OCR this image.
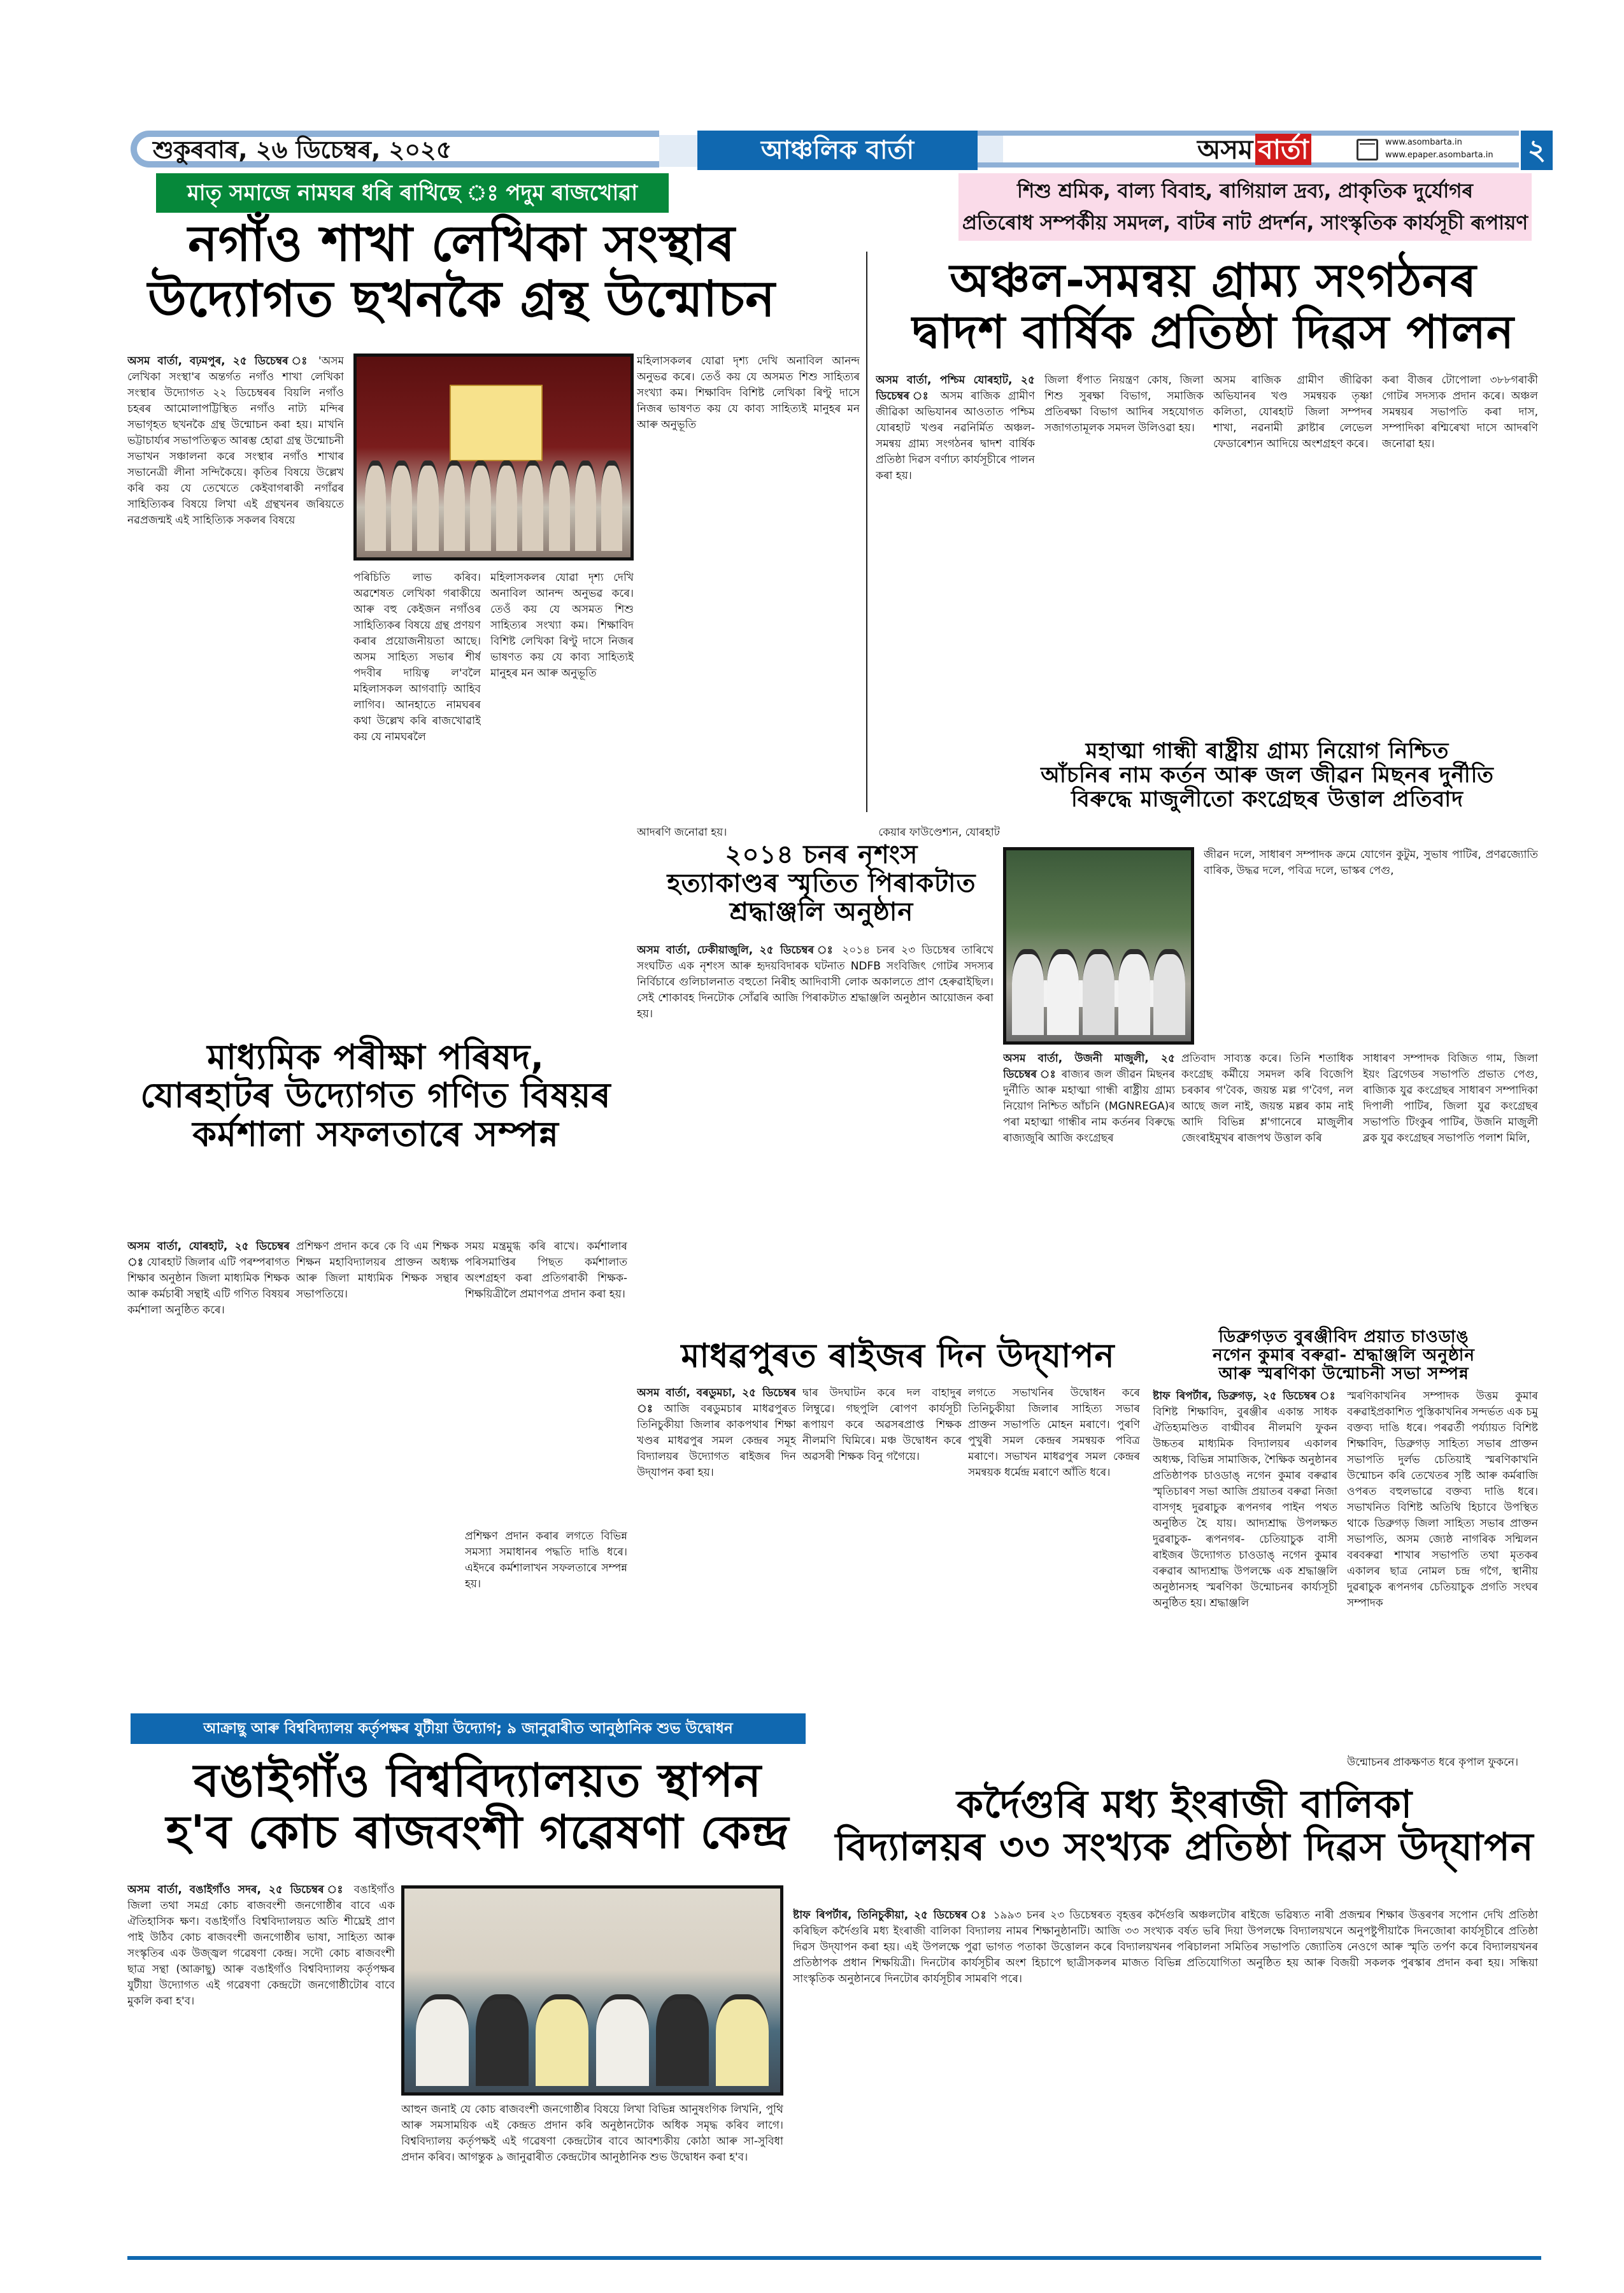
শুকুৰবাৰ, ২৬ ডিচেম্বৰ, ২০২৫	আঞ্চলিক বাৰ্তা	অসম বাৰ্তা	www.asombarta.in
www.epaper.asombarta.in ২
মাতৃ সমাজে নামঘৰ ধৰি ৰাখিছে ঃ পদুম ৰাজখোৱা	শিশু শ্ৰমিক, বাল্য বিবাহ, ৰাগিয়াল দ্ৰব্য, প্ৰাকৃতিক দুৰ্যোগৰ
প্ৰতিৰোধ সম্পৰ্কীয় সমদল, বাটৰ নাট প্ৰদৰ্শন, সাংস্কৃতিক কাৰ্যসূচী ৰূপায়ণ
নগাঁও শাখা লেখিকা সংস্থাৰ
উদ্যোগত ছখনকৈ গ্ৰন্থ উন্মোচন
অসম বাৰ্তা, বঢ়মপুৰ, ২৫ ডিচেম্বৰ ঃ 'অসম লেখিকা সংস্থা'ৰ অন্তৰ্গত নগাঁও শাখা লেখিকা সংস্থাৰ উদ্যোগত ২২ ডিচেম্বৰৰ বিয়লি নগাঁও চহৰৰ আমোলাপট্টিস্থিত নগাঁও নাট্য মন্দিৰ সভাগৃহত ছখনকৈ গ্ৰন্থ উন্মোচন কৰা হয়। মাখনি ভট্টাচাৰ্য্যৰ সভাপতিত্বত আৰম্ভ হোৱা গ্ৰন্থ উন্মোচনী সভাখন সঞ্চালনা কৰে সংস্থাৰ নগাঁও শাখাৰ সভানেত্ৰী লীনা সন্দিকৈয়ে। কৃতিৰ বিষয়ে উল্লেখ কৰি কয় যে তেখেতে কেইবাগৰাকী নগাঁৱৰ সাহিত্যিকৰ বিষয়ে লিখা এই গ্ৰন্থখনৰ জৰিয়তে নৱপ্ৰজন্মই এই সাহিত্যিক সকলৰ বিষয়ে
পৰিচিতি লাভ কৰিব। অৱশেষত লেখিকা গৰাকীয়ে আৰু বহু কেইজন নগাঁওৰ সাহিত্যিকৰ বিষয়ে গ্ৰন্থ প্ৰণয়ণ কৰাৰ প্ৰয়োজনীয়তা আছে। অসম সাহিত্য সভাৰ শীৰ্ষ পদবীৰ দায়িত্ব ল'বলৈ মহিলাসকল আগবাঢ়ি আহিব লাগিব। আনহাতে নামঘৰৰ কথা উল্লেখ কৰি ৰাজখোৱাই কয় যে নামঘৰলৈ
মহিলাসকলৰ যোৱা দৃশ্য দেখি অনাবিল আনন্দ অনুভৱ কৰে। তেওঁ কয় যে অসমত শিশু সাহিত্যৰ সংখ্যা কম। শিক্ষাবিদ বিশিষ্ট লেখিকা ৰিণ্টু দাসে নিজৰ ভাষণত কয় যে কাব্য সাহিত্যই মানুহৰ মন আৰু অনুভূতি
অঞ্চল-সমন্বয় গ্ৰাম্য সংগঠনৰ
দ্বাদশ বাৰ্ষিক প্ৰতিষ্ঠা দিৱস পালন
অসম বাৰ্তা, পশ্চিম যোৰহাট, ২৫ ডিচেম্বৰ ঃ অসম ৰাজিক গ্ৰামীণ জীৱিকা অভিযানৰ আওতাত পশ্চিম যোৰহাট খণ্ডৰ নৱনিৰ্মিত অঞ্চল-সমন্বয় গ্ৰাম্য সংগঠনৰ দ্বাদশ বাৰ্ষিক প্ৰতিষ্ঠা দিৱস বৰ্ণাঢ্য কাৰ্যসূচীৰে পালন কৰা হয়।
জিলা ধঁপাত নিয়ন্ত্ৰণ কোষ, জিলা শিশু সুৰক্ষা বিভাগ, সমাজিক প্ৰতিৰক্ষা বিভাগ আদিৰ সহযোগত সজাগতামূলক সমদল উলিওৱা হয়।
অসম ৰাজিক গ্ৰামীণ জীৱিকা অভিযানৰ খণ্ড সমন্বয়ক তৃষ্ণা কলিতা, যোৰহাট জিলা সম্পদৰ শাখা, নৱনামী ক্লাষ্টাৰ লেভেল ফেডাৰেশ্যন আদিয়ে অংশগ্ৰহণ কৰে।
কৰা বীজৰ টোপোলা ৩৮৮গৰাকী গোটৰ সদস্যক প্ৰদান কৰে। অঞ্চল সমন্বয়ৰ সভাপতি কৰা দাস, সম্পাদিকা ৰশ্মিৰেখা দাসে আদৰণি জনোৱা হয়।
মহিলাসকলৰ যোৱা দৃশ্য দেখি অনাবিল আনন্দ অনুভৱ কৰে। তেওঁ কয় যে অসমত শিশু সাহিত্যৰ সংখ্যা কম। শিক্ষাবিদ বিশিষ্ট লেখিকা ৰিণ্টু দাসে নিজৰ ভাষণত কয় যে কাব্য সাহিত্যই মানুহৰ মন আৰু অনুভূতি
আদৰণি জনোৱা হয়।	কেয়াৰ ফাউণ্ডেশ্যন, যোৰহাট
২০১৪ চনৰ নৃশংস
হত্যাকাণ্ডৰ স্মৃতিত পিৰাকটাত
শ্ৰদ্ধাঞ্জলি অনুষ্ঠান
অসম বাৰ্তা, ঢেকীয়াজুলি, ২৫ ডিচেম্বৰ ঃ ২০১৪ চনৰ ২৩ ডিচেম্বৰ তাৰিখে সংঘটিত এক নৃশংস আৰু হৃদয়বিদাৰক ঘটনাত NDFB সংবিজিৎ গোটৰ সদস্যৰ নিৰ্বিচাৰে গুলিচালনাত বহুতো নিৰীহ আদিবাসী লোক অকালতে প্ৰাণ হেৰুৱাইছিল। সেই শোকাবহ দিনটোক সোঁৱৰি আজি পিৰাকটাত শ্ৰদ্ধাঞ্জলি অনুষ্ঠান আয়োজন কৰা হয়।
মহাত্মা গান্ধী ৰাষ্ট্ৰীয় গ্ৰাম্য নিয়োগ নিশ্চিত
আঁচনিৰ নাম কৰ্তন আৰু জল জীৱন মিছনৰ দুৰ্নীতি
বিৰুদ্ধে মাজুলীতো কংগ্ৰেছৰ উত্তাল প্ৰতিবাদ
জীৱন দলে, সাধাৰণ সম্পাদক ক্ৰমে যোগেন কুটুম, সুভাষ পাটিৰ, প্ৰণৱজ্যোতি বাৰিক, উদ্ধৱ দলে, পবিত্ৰ দলে, ভাস্কৰ পেগু,
অসম বাৰ্তা, উজনী মাজুলী, ২৫ ডিচেম্বৰ ঃ ৰাজ্যৰ জল জীৱন মিছনৰ দুৰ্নীতি আৰু মহাত্মা গান্ধী ৰাষ্ট্ৰীয় গ্ৰাম্য নিয়োগ নিশ্চিত আঁচনি (MGNREGA)ৰ পৰা মহাত্মা গান্ধীৰ নাম কৰ্তনৰ বিৰুদ্ধে ৰাজ্যজুৰি আজি কংগ্ৰেছৰ
প্ৰতিবাদ সাব্যস্ত কৰে। তিনি শতাধিক কংগ্ৰেছ কৰ্মীয়ে সমদল কৰি বিজেপি চৰকাৰ গ'বৈক, জয়ন্ত মল্ল গ'বৈগ, নল আছে জল নাই, জয়ন্ত মল্লৰ কাম নাই আদি বিভিন্ন শ্ল'গানেৰে মাজুলীৰ জেংৰাইমুখৰ ৰাজপথ উত্তাল কৰি
সাধাৰণ সম্পাদক বিজিত গাম, জিলা ইয়ং ব্ৰিগেডৰ সভাপতি প্ৰভাত পেগু, ৰাজ্যিক যুৱ কংগ্ৰেছৰ সাধাৰণ সম্পাদিকা দিপালী পাটিৰ, জিলা যুৱ কংগ্ৰেছৰ সভাপতি টিংকুৰ পাটিৰ, উজনি মাজুলী ব্লক যুৱ কংগ্ৰেছৰ সভাপতি পলাশ মিলি,
মাধ্যমিক পৰীক্ষা পৰিষদ,
যোৰহাটৰ উদ্যোগত গণিত বিষয়ৰ
কৰ্মশালা সফলতাৰে সম্পন্ন
অসম বাৰ্তা, যোৰহাট, ২৫ ডিচেম্বৰ ঃ যোৰহাট জিলাৰ এটি পৰম্পৰাগত শিক্ষাৰ অনুষ্ঠান জিলা মাধ্যমিক শিক্ষক আৰু কৰ্মচাৰী সন্থাই এটি গণিত বিষয়ৰ কৰ্মশালা অনুষ্ঠিত কৰে।
প্ৰশিক্ষণ প্ৰদান কৰে কে বি এম শিক্ষক শিক্ষন মহাবিদ্যালয়ৰ প্ৰাক্তন অধ্যক্ষ আৰু জিলা মাধ্যমিক শিক্ষক সন্থাৰ সভাপতিয়ে।
সময় মন্ত্ৰমুগ্ধ কৰি ৰাখে। কৰ্মশালাৰ পৰিসমাপ্তিৰ পিছত কৰ্মশালাত অংশগ্ৰহণ কৰা প্ৰতিগৰাকী শিক্ষক-শিক্ষয়িত্ৰীলৈ প্ৰমাণপত্ৰ প্ৰদান কৰা হয়।
প্ৰশিক্ষণ প্ৰদান কৰাৰ লগতে বিভিন্ন সমস্যা সমাধানৰ পদ্ধতি দাঙি ধৰে। এইদৰে কৰ্মশালাখন সফলতাৰে সম্পন্ন হয়।
মাধৱপুৰত ৰাইজৰ দিন উদ্‌যাপন
অসম বাৰ্তা, বৰডুমচা, ২৫ ডিচেম্বৰ ঃ আজি বৰডুমচাৰ মাধৱপুৰত তিনিচুকীয়া জিলাৰ কাকপথাৰ শিক্ষা খণ্ডৰ মাধৱপুৰ সমল কেন্দ্ৰৰ সমূহ বিদ্যালয়ৰ উদ্যোগত ৰাইজৰ দিন উদ্‌যাপন কৰা হয়।
দ্বাৰ উদঘাটন কৰে দল বাহাদুৰ লিম্বুৱে। গছপুলি ৰোপণ কাৰ্যসূচী ৰূপায়ণ কৰে অৱসৰপ্ৰাপ্ত শিক্ষক নীলমণি ঘিমিৰে। মঞ্চ উদ্বোধন কৰে অৱসৰী শিক্ষক বিনু গগৈয়ে।
লগতে সভাখনিৰ উদ্বোধন কৰে তিনিচুকীয়া জিলাৰ সাহিত্য সভাৰ প্ৰাক্তন সভাপতি মোহন মৰাণে। পুৰণি পুখুৰী সমল কেন্দ্ৰৰ সমন্বয়ক পবিত্ৰ মৰাণে। সভাখন মাধৱপুৰ সমল কেন্দ্ৰৰ সমন্বয়ক ধৰ্মেন্দ্ৰ মৰাণে আঁতি ধৰে।
ডিব্ৰুগড়ত বুৰঞ্জীবিদ প্ৰয়াত চাওডাঙ্
নগেন কুমাৰ বৰুৱা- শ্ৰদ্ধাঞ্জলি অনুষ্ঠান
আৰু স্মৰণিকা উন্মোচনী সভা সম্পন্ন
ষ্টাফ ৰিপৰ্টাৰ, ডিব্ৰুগড়, ২৫ ডিচেম্বৰ ঃ বিশিষ্ট শিক্ষাবিদ, বুৰঞ্জীৰ একান্ত সাধক ঐতিহ্যমণ্ডিত বাগ্মীবৰ নীলমণি ফুকন উচ্চতৰ মাধ্যমিক বিদ্যালয়ৰ একালৰ অধ্যক্ষ, বিভিন্ন সামাজিক, শৈক্ষিক অনুষ্ঠানৰ প্ৰতিষ্ঠাপক চাওডাঙ্ নগেন কুমাৰ বৰুৱাৰ স্মৃতিচাৰণ সভা আজি প্ৰয়াতৰ বৰুৱা নিজা বাসগৃহ দুৱৰাচুক ৰূপনগৰ পাইন পথত অনুষ্ঠিত হৈ যায়। আদ্যশ্ৰাদ্ধ উপলক্ষত দুৱৰাচুক- ৰূপনগৰ- চেতিয়াচুক বাসী ৰাইজৰ উদ্যোগত চাওডাঙ্ নগেন কুমাৰ বৰুৱাৰ আদ্যশ্ৰাদ্ধ উপলক্ষে এক শ্ৰদ্ধাঞ্জলি অনুষ্ঠানসহ স্মৰণিকা উন্মোচনৰ কাৰ্য্যসূচী অনুষ্ঠিত হয়। শ্ৰদ্ধাঞ্জলি
স্মৰণিকাখনিৰ সম্পাদক উত্তম কুমাৰ বৰুৱাইপ্ৰকাশিত পুস্তিকাখনিৰ সন্দৰ্ভত এক চমু বক্তব্য দাঙি ধৰে। পৰৱৰ্তী পৰ্য্যায়ত বিশিষ্ট শিক্ষাবিদ, ডিব্ৰুগড় সাহিত্য সভাৰ প্ৰাক্তন সভাপতি দুৰ্লভ চেতিয়াই স্মৰণিকাখনি উন্মোচন কৰি তেখেতৰ সৃষ্টি আৰু কৰ্মৰাজি ওপৰত বহুলভাৱে বক্তব্য দাঙি ধৰে। সভাখনিত বিশিষ্ট অতিথি হিচাবে উপস্থিত থাকে ডিব্ৰুগড় জিলা সাহিত্য সভাৰ প্ৰাক্তন সভাপতি, অসম জ্যেষ্ঠ নাগৰিক সন্মিলন বৰবৰুৱা শাখাৰ সভাপতি তথা মৃতকৰ একালৰ ছাত্ৰ নোমল চন্দ্ৰ গগৈ, স্থানীয় দুৱৰাচুক ৰূপনগৰ চেতিয়াচুক প্ৰগতি সংঘৰ সম্পাদক
উন্মোচনৰ প্ৰাকক্ষণত ধৰে কৃপাল ফুকনে।
আক্ৰাছু আৰু বিশ্ববিদ্যালয় কৰ্তৃপক্ষৰ যুটীয়া উদ্যোগ; ৯ জানুৱাৰীত আনুষ্ঠানিক শুভ উদ্বোধন
বঙাইগাঁও বিশ্ববিদ্যালয়ত স্থাপন
হ'ব কোচ ৰাজবংশী গৱেষণা কেন্দ্ৰ
অসম বাৰ্তা, বঙাইগাঁও সদৰ, ২৫ ডিচেম্বৰ ঃ বঙাইগাঁও জিলা তথা সমগ্ৰ কোচ ৰাজবংশী জনগোষ্ঠীৰ বাবে এক ঐতিহাসিক ক্ষণ। বঙাইগাঁও বিশ্ববিদ্যালয়ত অতি শীঘ্ৰেই প্ৰাণ পাই উঠিব কোচ ৰাজবংশী জনগোষ্ঠীৰ ভাষা, সাহিত্য আৰু সংস্কৃতিৰ এক উজ্জ্বল গৱেষণা কেন্দ্ৰ। সদৌ কোচ ৰাজবংশী ছাত্ৰ সন্থা (আক্ৰাছু) আৰু বঙাইগাঁও বিশ্ববিদ্যালয় কৰ্তৃপক্ষৰ যুটীয়া উদ্যোগত এই গৱেষণা কেন্দ্ৰটো জনগোষ্ঠীটোৰ বাবে মুকলি কৰা হ'ব।
আহুন জনাই যে কোচ ৰাজবংশী জনগোষ্ঠীৰ বিষয়ে লিখা বিভিন্ন আনুষংগিক লিখনি, পুথি আৰু সমসাময়িক এই কেন্দ্ৰত প্ৰদান কৰি অনুষ্ঠানটোক অধিক সমৃদ্ধ কৰিব লাগে। বিশ্ববিদ্যালয় কৰ্তৃপক্ষই এই গৱেষণা কেন্দ্ৰটোৰ বাবে আবশ্যকীয় কোঠা আৰু সা-সুবিধা প্ৰদান কৰিব। আগন্তুক ৯ জানুৱাৰীত কেন্দ্ৰটোৰ আনুষ্ঠানিক শুভ উদ্বোধন কৰা হ'ব।
কৰ্দৈগুৰি মধ্য ইংৰাজী বালিকা
বিদ্যালয়ৰ ৩৩ সংখ্যক প্ৰতিষ্ঠা দিৱস উদ্‌যাপন
ষ্টাফ ৰিপৰ্টাৰ, তিনিচুকীয়া, ২৫ ডিচেম্বৰ ঃ ১৯৯৩ চনৰ ২৩ ডিচেম্বৰত বৃহত্তৰ কৰ্দৈগুৰি অঞ্চলটোৰ ৰাইজে ভৱিষ্যত নাৰী প্ৰজন্মৰ শিক্ষাৰ উত্তৰণৰ সপোন দেখি প্ৰতিষ্ঠা কৰিছিল কৰ্দৈগুৰি মধ্য ইংৰাজী বালিকা বিদ্যালয় নামৰ শিক্ষানুষ্ঠানটি। আজি ৩৩ সংখ্যক বৰ্ষত ভৰি দিয়া উপলক্ষে বিদ্যালয়খনে অনুপষ্টুপীয়াকৈ দিনজোৰা কাৰ্যসূচীৰে প্ৰতিষ্ঠা দিৱস উদ্‌যাপন কৰা হয়। এই উপলক্ষে পুৱা ভাগত পতাকা উত্তোলন কৰে বিদ্যালয়খনৰ পৰিচালনা সমিতিৰ সভাপতি জ্যোতিষ নেওগে আৰু স্মৃতি তৰ্পণ কৰে বিদ্যালয়খনৰ প্ৰতিষ্ঠাপক প্ৰধান শিক্ষয়িত্ৰী। দিনটোৰ কাৰ্যসূচীৰ অংশ হিচাপে ছাত্ৰীসকলৰ মাজত বিভিন্ন প্ৰতিযোগিতা অনুষ্ঠিত হয় আৰু বিজয়ী সকলক পুৰস্কাৰ প্ৰদান কৰা হয়। সন্ধিয়া সাংস্কৃতিক অনুষ্ঠানৰে দিনটোৰ কাৰ্যসূচীৰ সামৰণি পৰে।
